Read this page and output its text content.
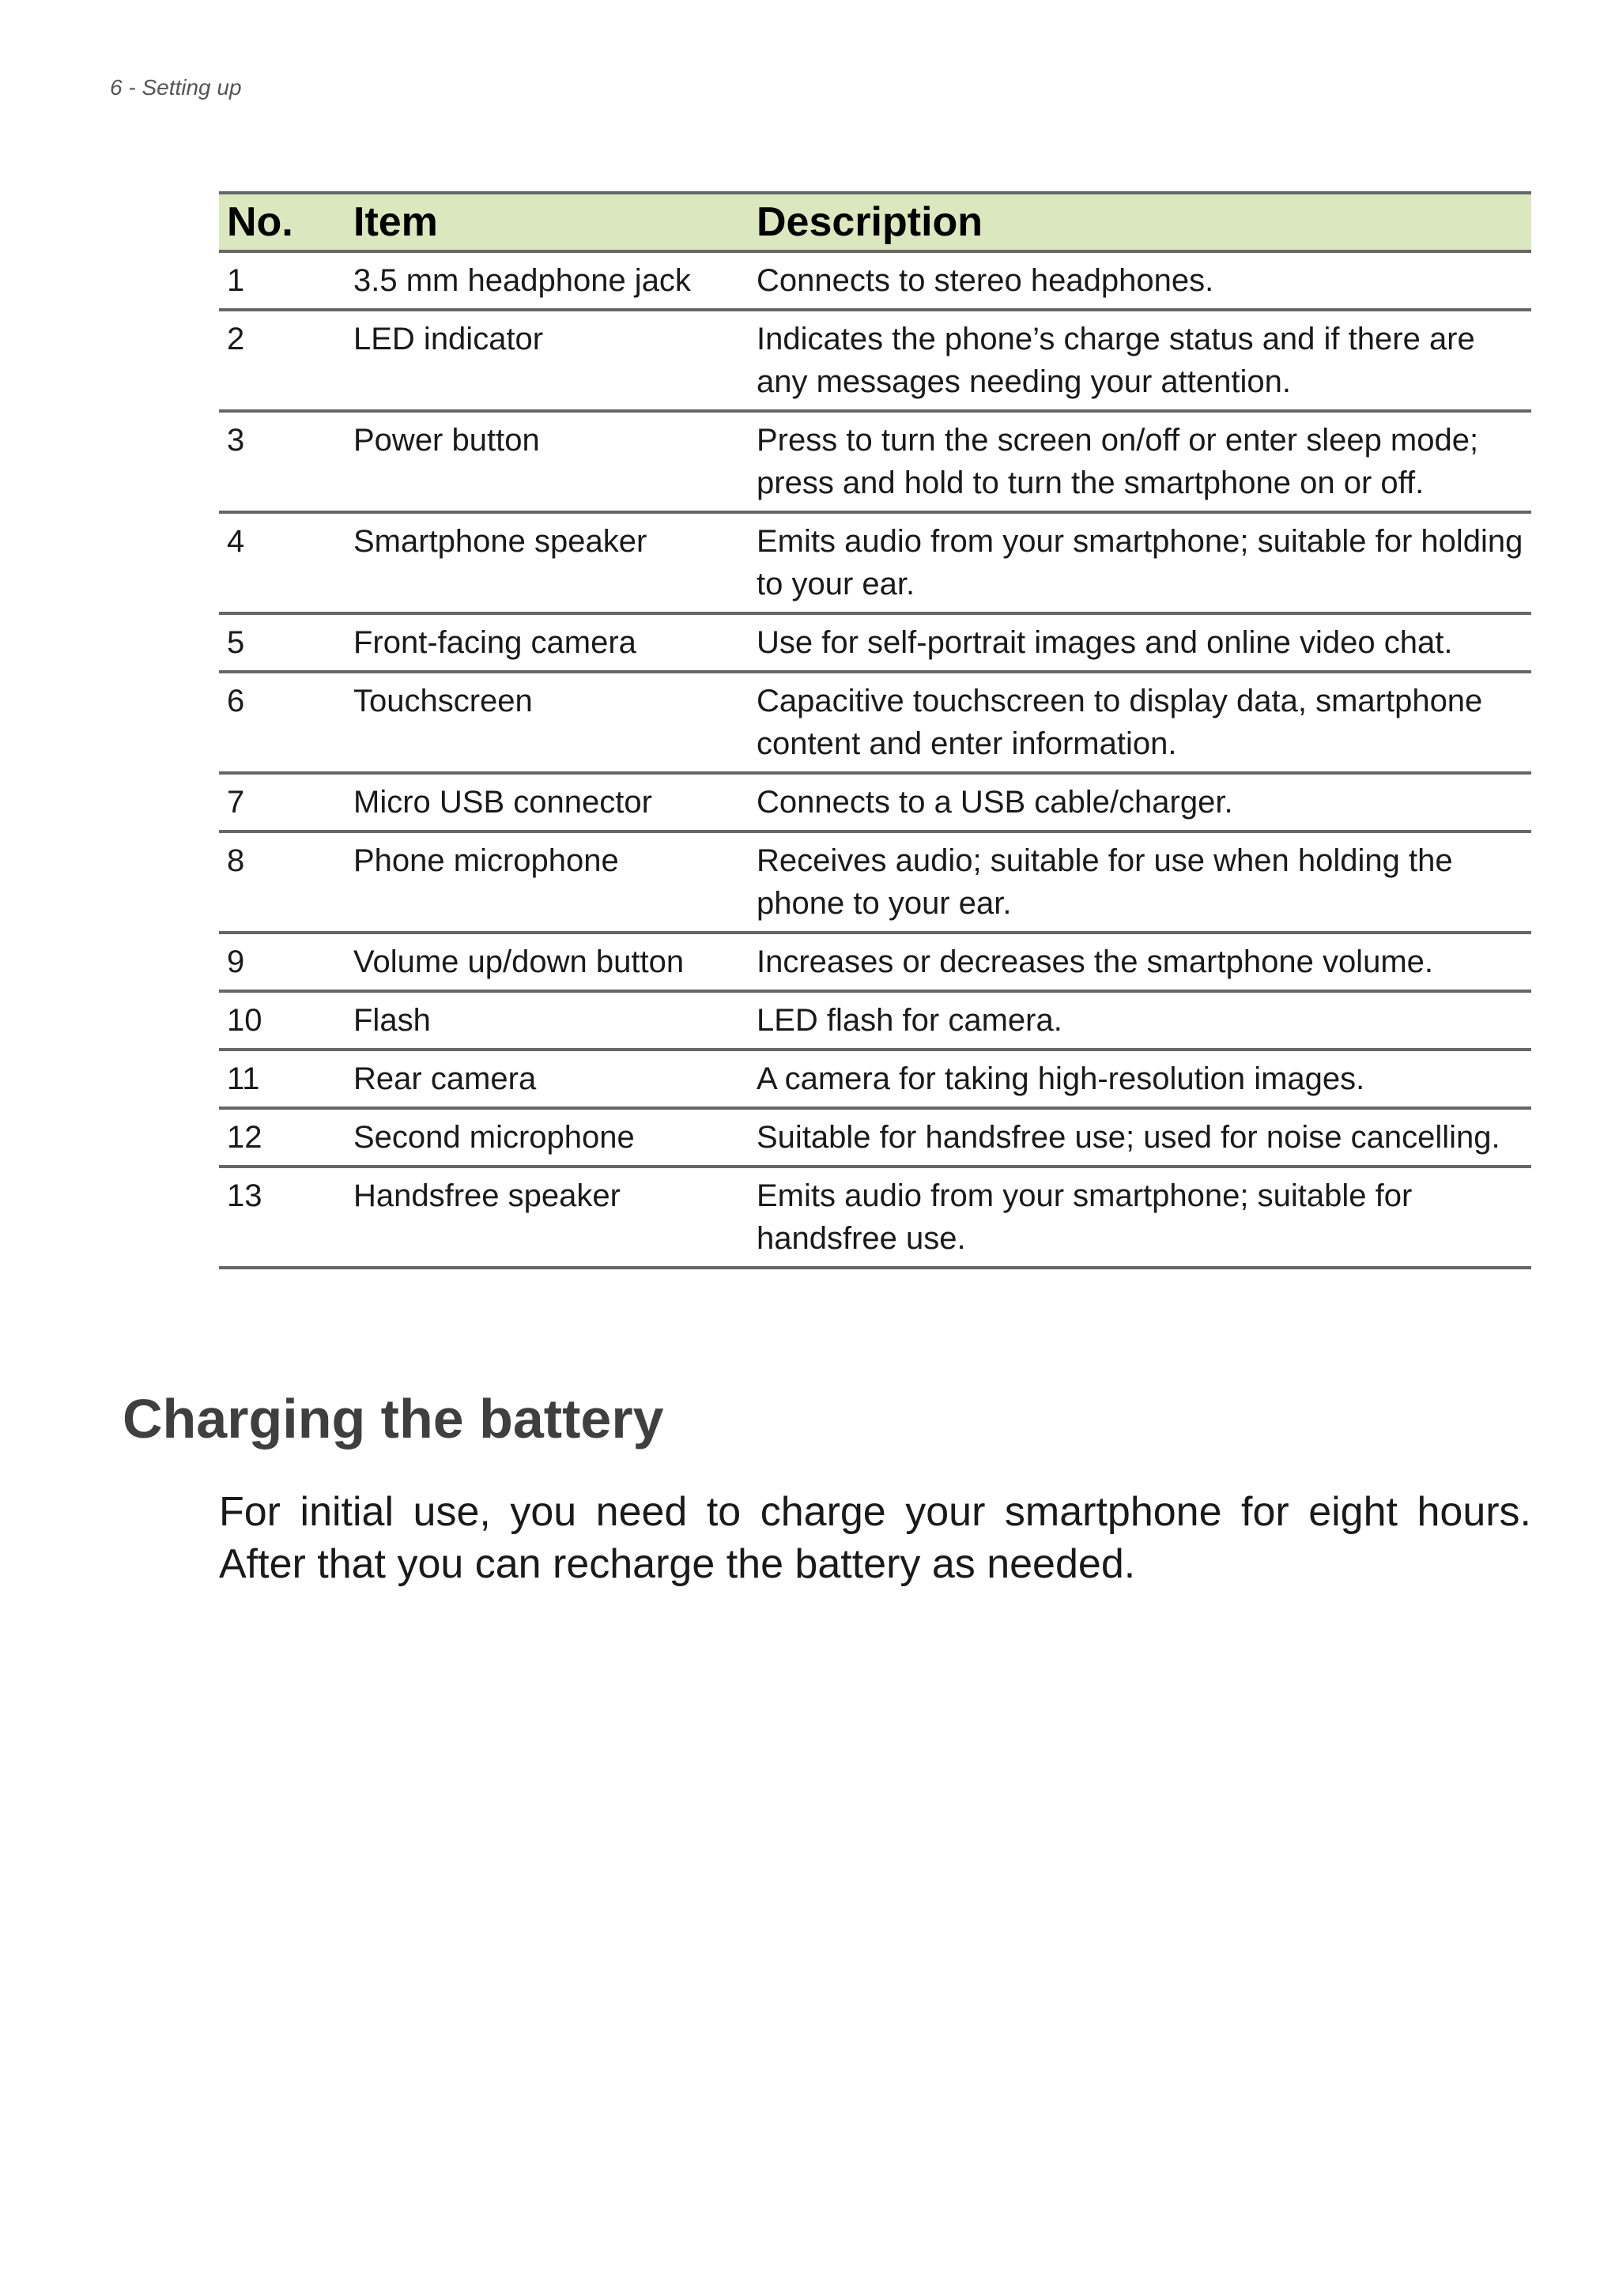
6 - Setting up
No.	Item	Description
1	3.5 mm headphone jack	Connects to stereo headphones.
2	LED indicator	Indicates the phone’s charge status and if there are any messages needing your attention.
3	Power button	Press to turn the screen on/off or enter sleep mode; press and hold to turn the smartphone on or off.
4	Smartphone speaker	Emits audio from your smartphone; suitable for holding to your ear.
5	Front-facing camera	Use for self-portrait images and online video chat.
6	Touchscreen	Capacitive touchscreen to display data, smartphone content and enter information.
7	Micro USB connector	Connects to a USB cable/charger.
8	Phone microphone	Receives audio; suitable for use when holding the phone to your ear.
9	Volume up/down button	Increases or decreases the smartphone volume.
10	Flash	LED flash for camera.
11	Rear camera	A camera for taking high-resolution images.
12	Second microphone	Suitable for handsfree use; used for noise cancelling.
13	Handsfree speaker	Emits audio from your smartphone; suitable for handsfree use.
Charging the battery

For initial use, you need to charge your smartphone for eight hours. After that you can recharge the battery as needed.
